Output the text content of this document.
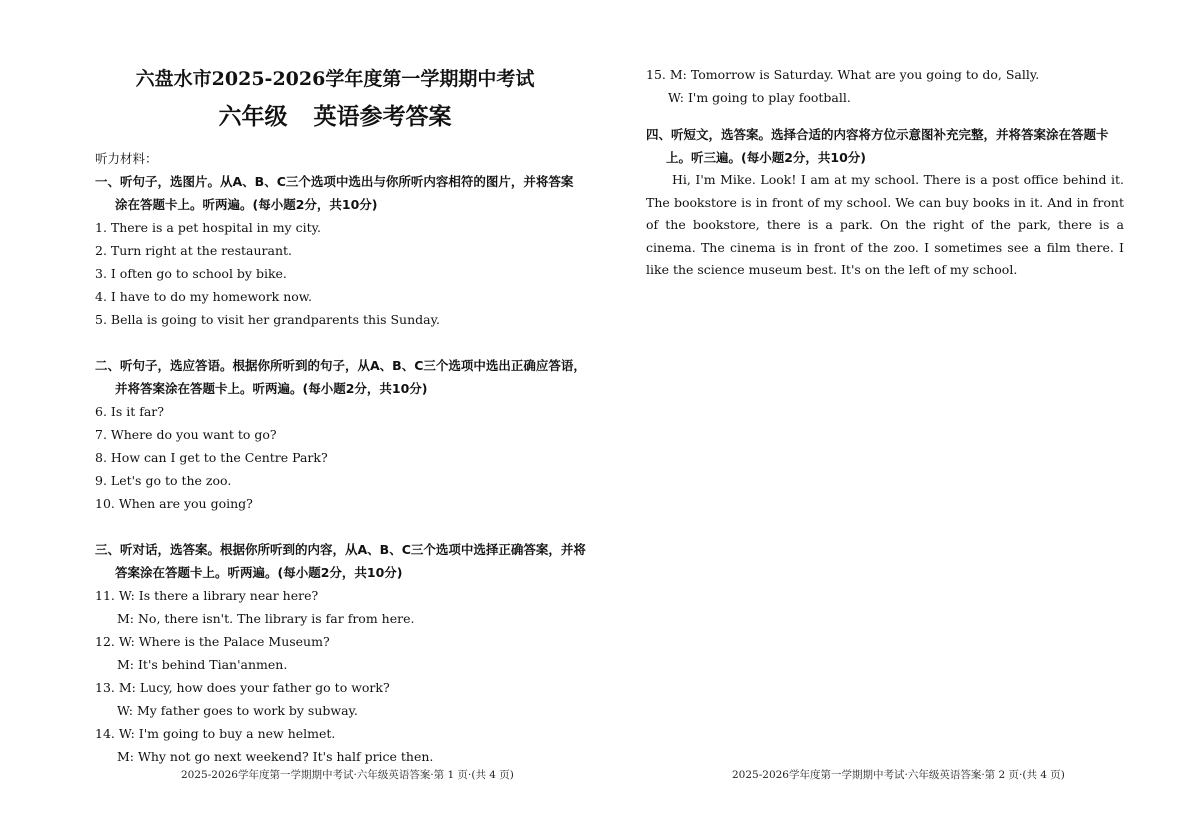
六盘水市2025-2026学年度第一学期期中考试
六年级 英语参考答案
听力材料：
一、听句子，选图片。从A、B、C三个选项中选出与你所听内容相符的图片，并将答案
涂在答题卡上。听两遍。(每小题2分，共10分)
1. There is a pet hospital in my city.
2. Turn right at the restaurant.
3. I often go to school by bike.
4. I have to do my homework now.
5. Bella is going to visit her grandparents this Sunday.
二、听句子，选应答语。根据你所听到的句子，从A、B、C三个选项中选出正确应答语，
并将答案涂在答题卡上。听两遍。(每小题2分，共10分)
6. Is it far?
7. Where do you want to go?
8. How can I get to the Centre Park?
9. Let's go to the zoo.
10. When are you going?
三、听对话，选答案。根据你所听到的内容，从A、B、C三个选项中选择正确答案，并将
答案涂在答题卡上。听两遍。(每小题2分，共10分)
11. W: Is there a library near here?
M: No, there isn't. The library is far from here.
12. W: Where is the Palace Museum?
M: It's behind Tian'anmen.
13. M: Lucy, how does your father go to work?
W: My father goes to work by subway.
14. W: I'm going to buy a new helmet.
M: Why not go next weekend? It's half price then.
2025-2026学年度第一学期期中考试·六年级英语答案·第 1 页·(共 4 页)
15. M: Tomorrow is Saturday. What are you going to do, Sally.
W: I'm going to play football.
四、听短文，选答案。选择合适的内容将方位示意图补充完整，并将答案涂在答题卡
上。听三遍。(每小题2分，共10分)
Hi, I'm Mike. Look! I am at my school. There is a post office behind it. The bookstore is in front of my school. We can buy books in it. And in front of the bookstore, there is a park. On the right of the park, there is a cinema. The cinema is in front of the zoo. I sometimes see a film there. I like the science museum best. It's on the left of my school.
2025-2026学年度第一学期期中考试·六年级英语答案·第 2 页·(共 4 页)
